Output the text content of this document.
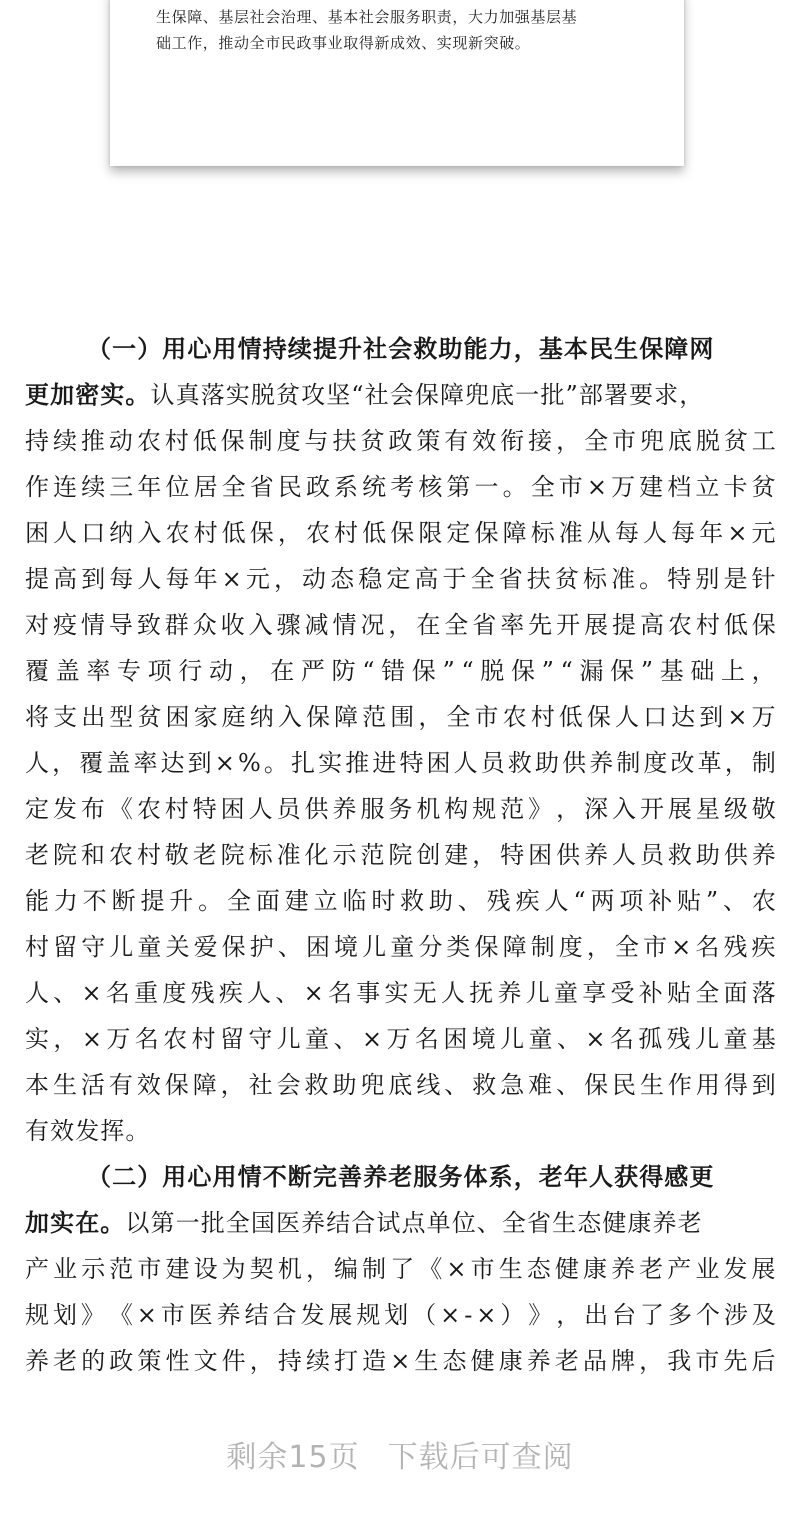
生保障、基层社会治理、基本社会服务职责，大力加强基层基
础工作，推动全市民政事业取得新成效、实现新突破。
（一）用心用情持续提升社会救助能力，基本民生保障网
更加密实。认真落实脱贫攻坚“社会保障兜底一批”部署要求，
持 续 推 动 农 村 低 保 制 度 与 扶 贫 政 策 有 效 衔 接 ， 全 市 兜 底 脱 贫 工
作 连 续 三 年 位 居 全 省 民 政 系 统 考 核 第 一 。 全 市 × 万 建 档 立 卡 贫
困 人 口 纳 入 农 村 低 保 ， 农 村 低 保 限 定 保 障 标 准 从 每 人 每 年 × 元
提 高 到 每 人 每 年 × 元 ， 动 态 稳 定 高 于 全 省 扶 贫 标 准 。 特 别 是 针
对 疫 情 导 致 群 众 收 入 骤 减 情 况 ， 在 全 省 率 先 开 展 提 高 农 村 低 保
覆 盖 率 专 项 行 动 ， 在 严 防 “ 错 保 ” “ 脱 保 ” “ 漏 保 ” 基 础 上 ，
将 支 出 型 贫 困 家 庭 纳 入 保 障 范 围 ， 全 市 农 村 低 保 人 口 达 到 × 万
人 ， 覆 盖 率 达 到 × % 。 扎 实 推 进 特 困 人 员 救 助 供 养 制 度 改 革 ， 制
定 发 布 《 农 村 特 困 人 员 供 养 服 务 机 构 规 范 》 ， 深 入 开 展 星 级 敬
老 院 和 农 村 敬 老 院 标 准 化 示 范 院 创 建 ， 特 困 供 养 人 员 救 助 供 养
能 力 不 断 提 升 。 全 面 建 立 临 时 救 助 、 残 疾 人 “ 两 项 补 贴 ” 、 农
村 留 守 儿 童 关 爱 保 护 、 困 境 儿 童 分 类 保 障 制 度 ， 全 市 × 名 残 疾
人 、 × 名 重 度 残 疾 人 、 × 名 事 实 无 人 抚 养 儿 童 享 受 补 贴 全 面 落
实 ， × 万 名 农 村 留 守 儿 童 、 × 万 名 困 境 儿 童 、 × 名 孤 残 儿 童 基
本 生 活 有 效 保 障 ， 社 会 救 助 兜 底 线 、 救 急 难 、 保 民 生 作 用 得 到
有效发挥。
（二）用心用情不断完善养老服务体系，老年人获得感更
加实在。以第一批全国医养结合试点单位、全省生态健康养老
产 业 示 范 市 建 设 为 契 机 ， 编 制 了 《 × 市 生 态 健 康 养 老 产 业 发 展
规 划 》 《 × 市 医 养 结 合 发 展 规 划 （ × - × ） 》 ， 出 台 了 多 个 涉 及
养 老 的 政 策 性 文 件 ， 持 续 打 造 × 生 态 健 康 养 老 品 牌 ， 我 市 先 后
剩余15页 下载后可查阅
